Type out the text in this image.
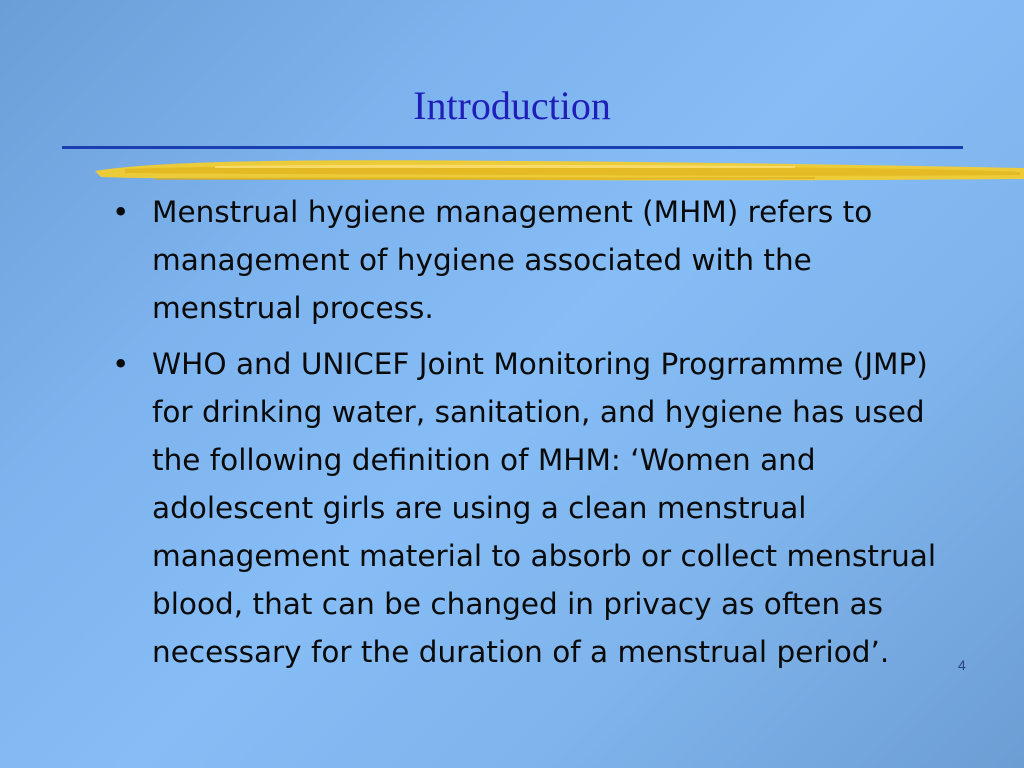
Introduction
• Menstrual hygiene management (MHM) refers to management of hygiene associated with the menstrual process.
• WHO and UNICEF Joint Monitoring Progrramme (JMP) for drinking water, sanitation, and hygiene has used the following definition of MHM: ‘Women and adolescent girls are using a clean menstrual management material to absorb or collect menstrual blood, that can be changed in privacy as often as necessary for the duration of a menstrual period’.	4
